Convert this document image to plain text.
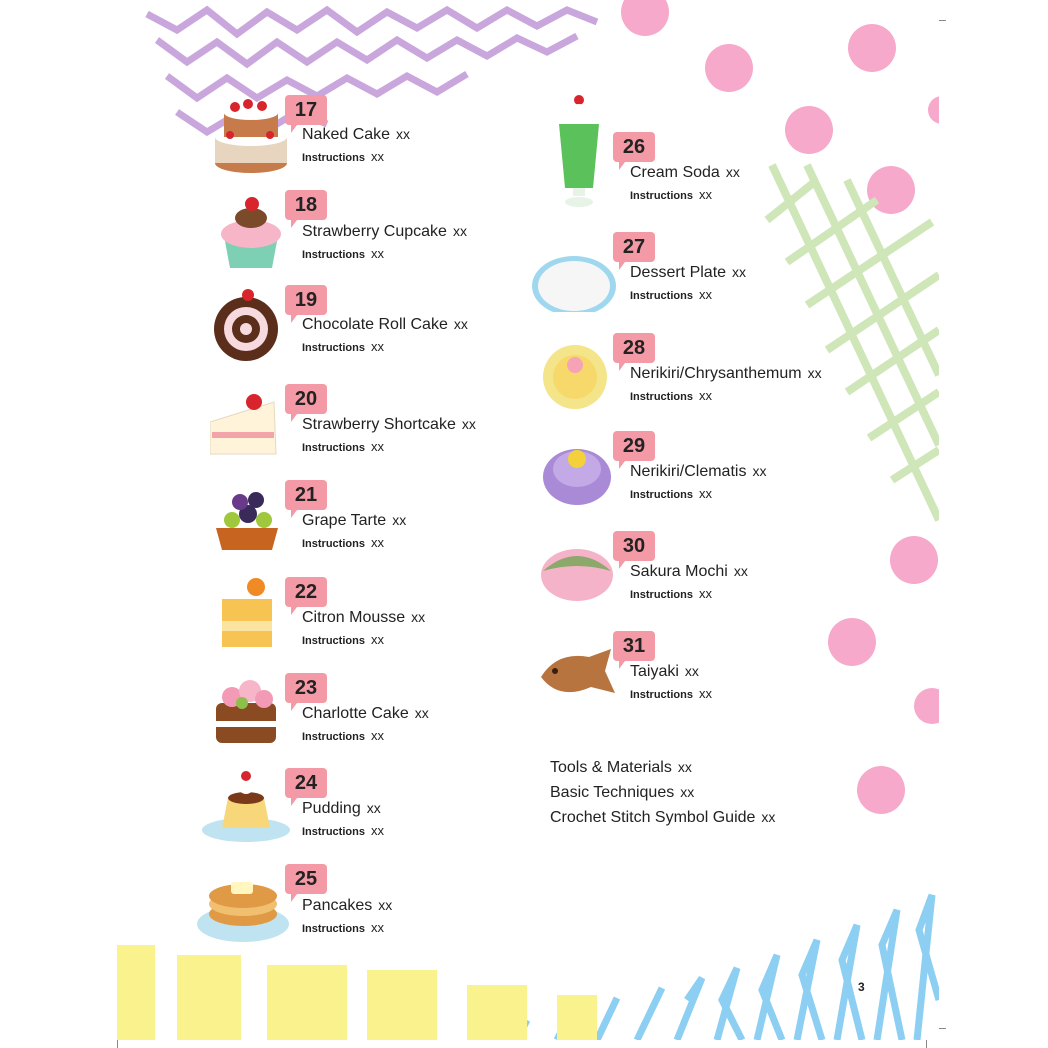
17
Naked Cake xx
Instructions xx
18
Strawberry Cupcake xx
Instructions xx
19
Chocolate Roll Cake xx
Instructions xx
20
Strawberry Shortcake xx
Instructions xx
21
Grape Tarte xx
Instructions xx
22
Citron Mousse xx
Instructions xx
23
Charlotte Cake xx
Instructions xx
24
Pudding xx
Instructions xx
25
Pancakes xx
Instructions xx
26
Cream Soda xx
Instructions xx
27
Dessert Plate xx
Instructions xx
28
Nerikiri/Chrysanthemum xx
Instructions xx
29
Nerikiri/Clematis xx
Instructions xx
30
Sakura Mochi xx
Instructions xx
31
Taiyaki xx
Instructions xx
Tools & Materials xx
Basic Techniques xx
Crochet Stitch Symbol Guide xx
3
